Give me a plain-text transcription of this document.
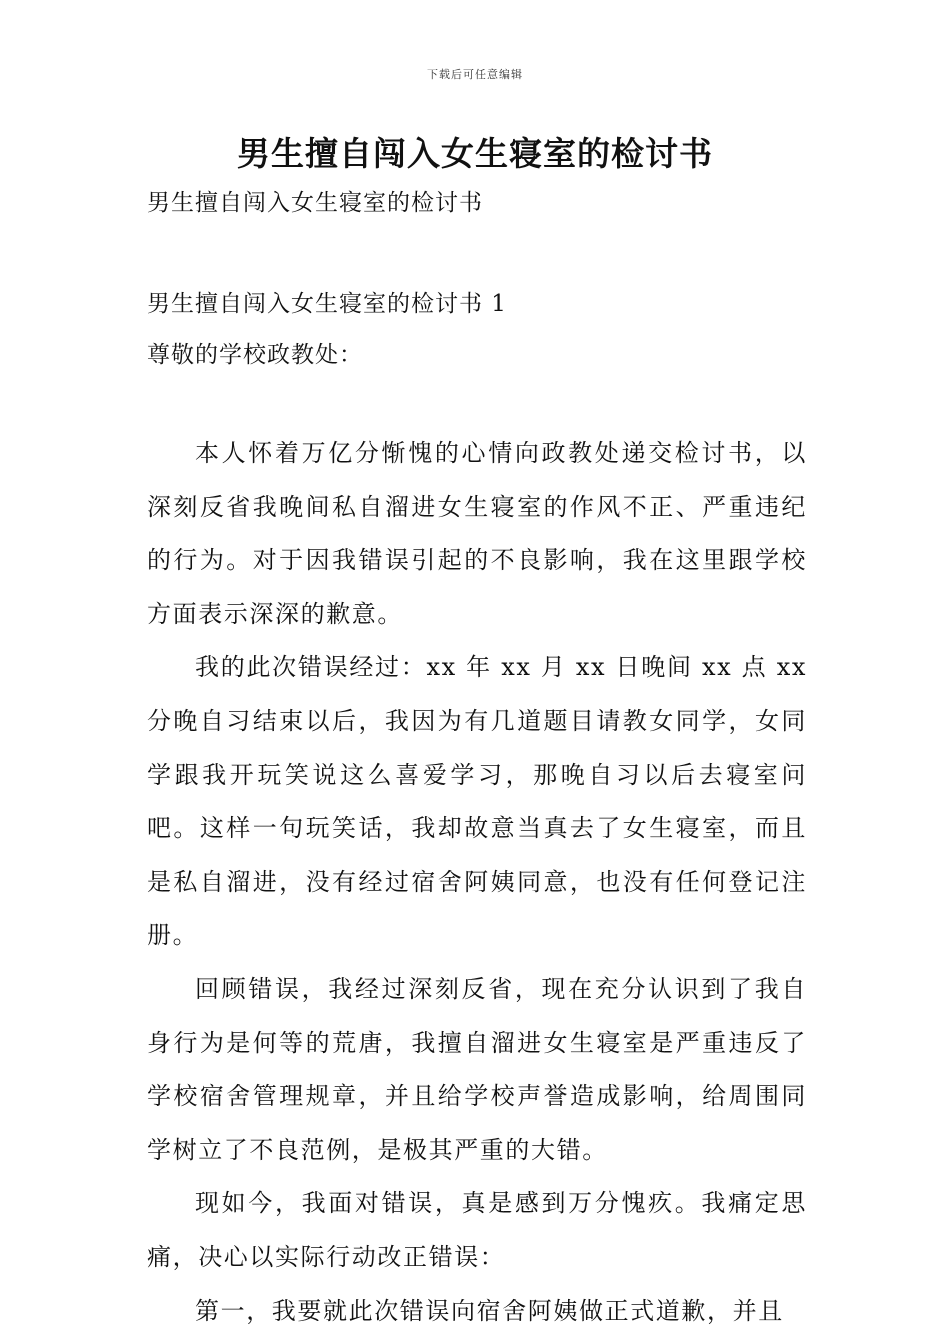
下载后可任意编辑
男生擅自闯入女生寝室的检讨书
男生擅自闯入女生寝室的检讨书
男生擅自闯入女生寝室的检讨书 1
尊敬的学校政教处：

本人怀着万亿分惭愧的心情向政教处递交检讨书，以深刻反省我晚间私自溜进女生寝室的作风不正、严重违纪的行为。对于因我错误引起的不良影响，我在这里跟学校方面表示深深的歉意。

我的此次错误经过：xx 年 xx 月 xx 日晚间 xx 点 xx 分晚自习结束以后，我因为有几道题目请教女同学，女同学跟我开玩笑说这么喜爱学习，那晚自习以后去寝室问吧。这样一句玩笑话，我却故意当真去了女生寝室，而且是私自溜进，没有经过宿舍阿姨同意，也没有任何登记注册。

回顾错误，我经过深刻反省，现在充分认识到了我自身行为是何等的荒唐，我擅自溜进女生寝室是严重违反了学校宿舍管理规章，并且给学校声誉造成影响，给周围同学树立了不良范例，是极其严重的大错。

现如今，我面对错误，真是感到万分愧疚。我痛定思痛，决心以实际行动改正错误：

第一，我要就此次错误向宿舍阿姨做正式道歉，并且
